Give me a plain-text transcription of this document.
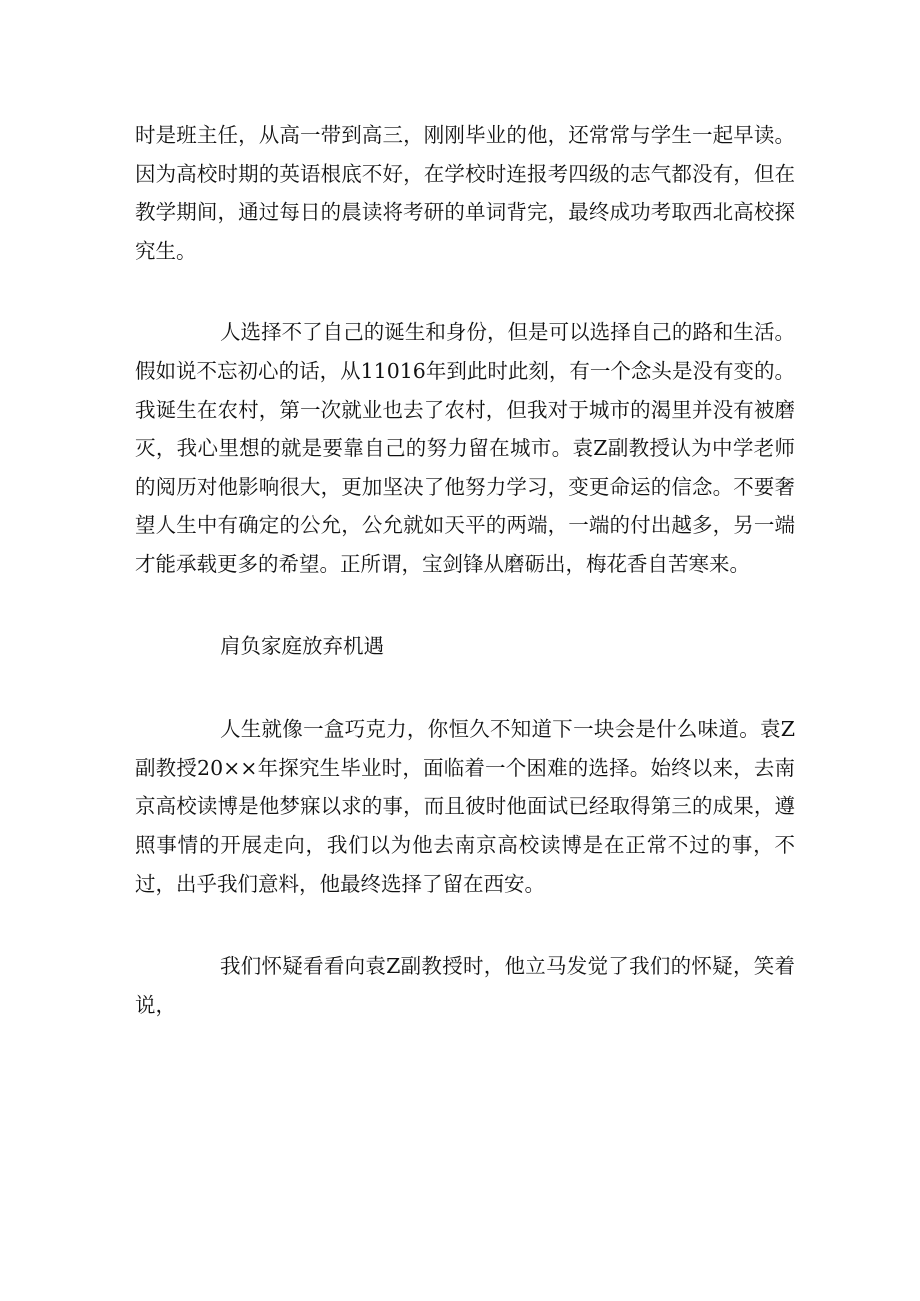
时是班主任，从高一带到高三，刚刚毕业的他，还常常与学生一起早读。因为高校时期的英语根底不好，在学校时连报考四级的志气都没有，但在教学期间，通过每日的晨读将考研的单词背完，最终成功考取西北高校探究生。

人选择不了自己的诞生和身份，但是可以选择自己的路和生活。假如说不忘初心的话，从11016年到此时此刻，有一个念头是没有变的。我诞生在农村，第一次就业也去了农村，但我对于城市的渴里并没有被磨灭，我心里想的就是要靠自己的努力留在城市。袁Z副教授认为中学老师的阅历对他影响很大，更加坚决了他努力学习，变更命运的信念。不要奢望人生中有确定的公允，公允就如天平的两端，一端的付出越多，另一端才能承载更多的希望。正所谓，宝剑锋从磨砺出，梅花香自苦寒来。

肩负家庭放弃机遇

人生就像一盒巧克力，你恒久不知道下一块会是什么味道。袁Z副教授20××年探究生毕业时，面临着一个困难的选择。始终以来，去南京高校读博是他梦寐以求的事，而且彼时他面试已经取得第三的成果，遵照事情的开展走向，我们以为他去南京高校读博是在正常不过的事，不过，出乎我们意料，他最终选择了留在西安。

我们怀疑看看向袁Z副教授时，他立马发觉了我们的怀疑，笑着说，
